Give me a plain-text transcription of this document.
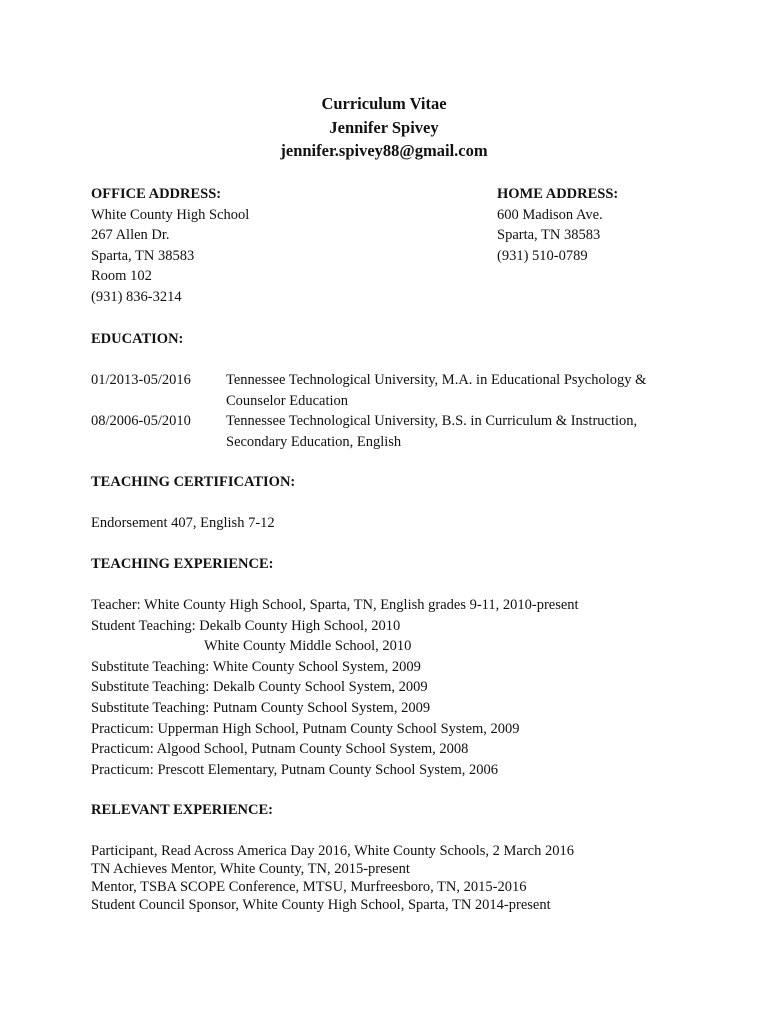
Curriculum Vitae
Jennifer Spivey
jennifer.spivey88@gmail.com
OFFICE ADDRESS:
White County High School
267 Allen Dr.
Sparta, TN 38583
Room 102
(931) 836-3214
HOME ADDRESS:
600 Madison Ave.
Sparta, TN 38583
(931) 510-0789
EDUCATION:
01/2013-05/2016	Tennessee Technological University, M.A. in Educational Psychology &
Counselor Education
08/2006-05/2010	Tennessee Technological University, B.S. in Curriculum & Instruction,
Secondary Education, English
TEACHING CERTIFICATION:
Endorsement 407, English 7-12
TEACHING EXPERIENCE:
Teacher: White County High School, Sparta, TN, English grades 9-11, 2010-present
Student Teaching: Dekalb County High School, 2010
White County Middle School, 2010
Substitute Teaching: White County School System, 2009
Substitute Teaching: Dekalb County School System, 2009
Substitute Teaching: Putnam County School System, 2009
Practicum: Upperman High School, Putnam County School System, 2009
Practicum: Algood School, Putnam County School System, 2008
Practicum: Prescott Elementary, Putnam County School System, 2006
RELEVANT EXPERIENCE:
Participant, Read Across America Day 2016, White County Schools, 2 March 2016
TN Achieves Mentor, White County, TN, 2015-present
Mentor, TSBA SCOPE Conference, MTSU, Murfreesboro, TN, 2015-2016
Student Council Sponsor, White County High School, Sparta, TN 2014-present
